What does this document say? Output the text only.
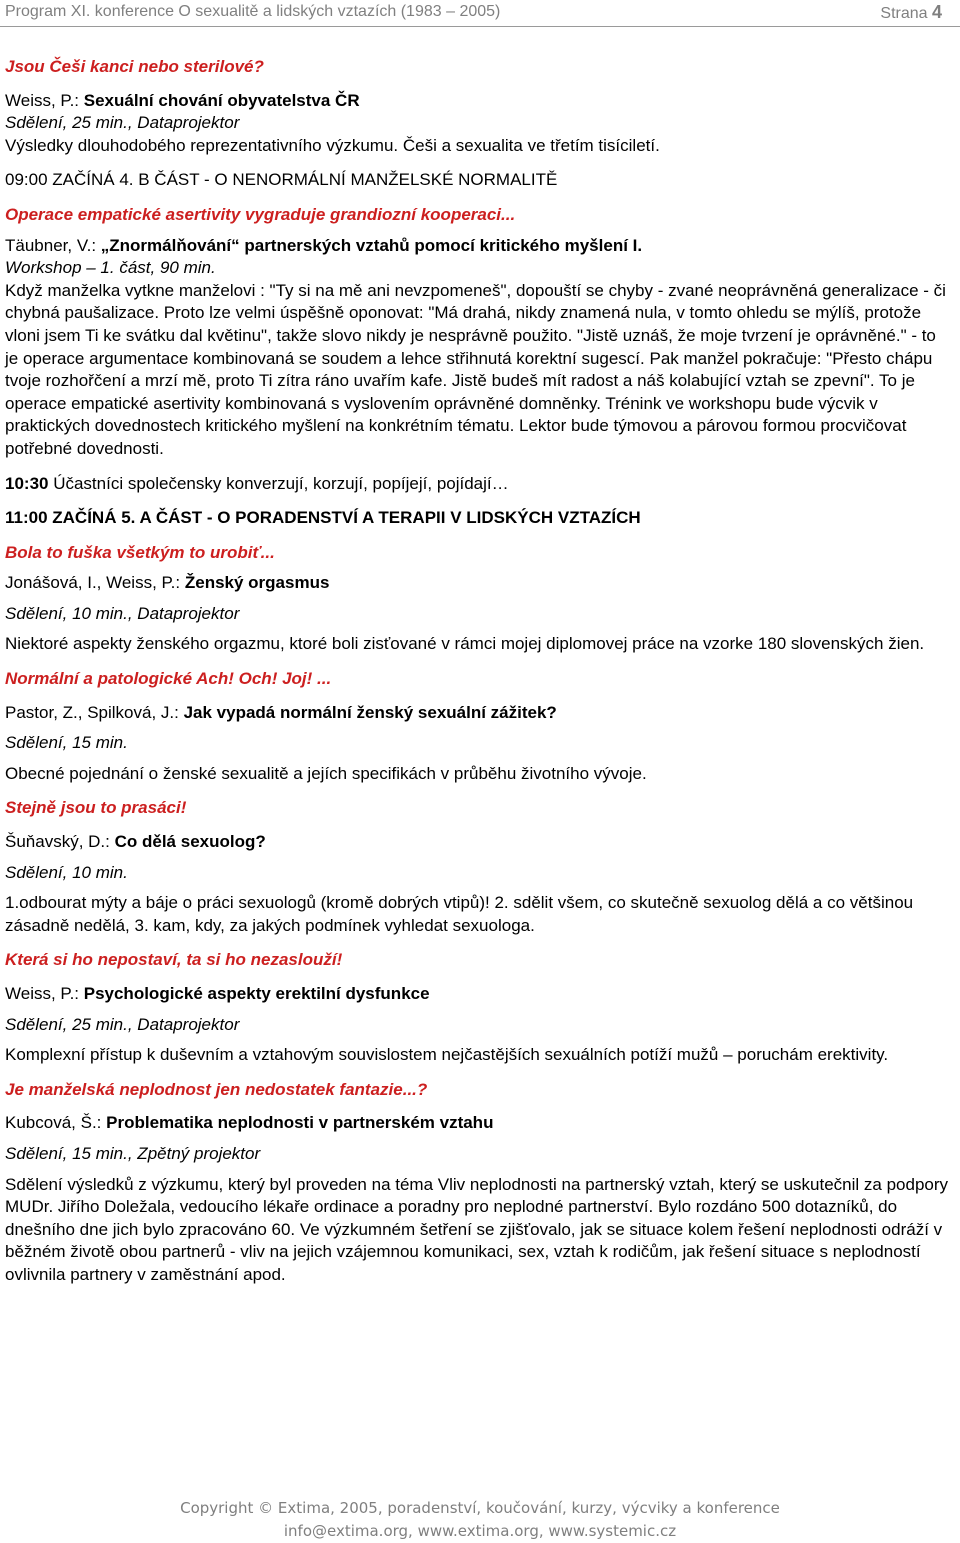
Program XI. konference O sexualitě a lidských vztazích (1983 – 2005)	Strana 4

Jsou Češi kanci nebo sterilové?

Weiss, P.: Sexuální chování obyvatelstva ČR

Sdělení, 25 min., Dataprojektor

Výsledky dlouhodobého reprezentativního výzkumu. Češi a sexualita ve třetím tisíciletí.

09:00 ZAČÍNÁ 4. B ČÁST - O NENORMÁLNÍ MANŽELSKÉ NORMALITĚ

Operace empatické asertivity vygraduje grandiozní kooperaci...

Täubner, V.: „Znormálňování“ partnerských vztahů pomocí kritického myšlení I.

Workshop – 1. část, 90 min.

Když manželka vytkne manželovi : "Ty si na mě ani nevzpomeneš", dopouští se chyby - zvané neoprávněná generalizace - či chybná paušalizace. Proto lze velmi úspěšně oponovat: "Má drahá, nikdy znamená nula, v tomto ohledu se mýlíš, protože vloni jsem Ti ke svátku dal květinu", takže slovo nikdy je nesprávně použito. "Jistě uznáš, že moje tvrzení je oprávněné." - to je operace argumentace kombinovaná se soudem a lehce střihnutá korektní sugescí. Pak manžel pokračuje: "Přesto chápu tvoje rozhořčení a mrzí mě, proto Ti zítra ráno uvařím kafe. Jistě budeš mít radost a náš kolabující vztah se zpevní". To je operace empatické asertivity kombinovaná s vyslovením oprávněné domněnky. Trénink ve workshopu bude výcvik v praktických dovednostech kritického myšlení na konkrétním tématu. Lektor bude týmovou a párovou formou procvičovat potřebné dovednosti.

10:30 Účastníci společensky konverzují, korzují, popíjejí, pojídají…

11:00 ZAČÍNÁ 5. A ČÁST - O PORADENSTVÍ A TERAPII V LIDSKÝCH VZTAZÍCH

Bola to fuška všetkým to urobiť...

Jonášová, I., Weiss, P.: Ženský orgasmus

Sdělení, 10 min., Dataprojektor

Niektoré aspekty ženského orgazmu, ktoré boli zisťované v rámci mojej diplomovej práce na vzorke 180 slovenských žien.

Normální a patologické Ach! Och! Joj! ...

Pastor, Z., Spilková, J.: Jak vypadá normální ženský sexuální zážitek?

Sdělení, 15 min.

Obecné pojednání o ženské sexualitě a jejích specifikách v průběhu životního vývoje.

Stejně jsou to prasáci!

Šuňavský, D.: Co dělá sexuolog?

Sdělení, 10 min.

1.odbourat mýty a báje o práci sexuologů (kromě dobrých vtipů)! 2. sdělit všem, co skutečně sexuolog dělá a co většinou zásadně nedělá, 3. kam, kdy, za jakých podmínek vyhledat sexuologa.

Která si ho nepostaví, ta si ho nezaslouží!

Weiss, P.: Psychologické aspekty erektilní dysfunkce

Sdělení, 25 min., Dataprojektor

Komplexní přístup k duševním a vztahovým souvislostem nejčastějších sexuálních potíží mužů – poruchám erektivity.

Je manželská neplodnost jen nedostatek fantazie...?

Kubcová, Š.: Problematika neplodnosti v partnerském vztahu

Sdělení, 15 min., Zpětný projektor

Sdělení výsledků z výzkumu, který byl proveden na téma Vliv neplodnosti na partnerský vztah, který se uskutečnil za podpory MUDr. Jiřího Doležala, vedoucího lékaře ordinace a poradny pro neplodné partnerství. Bylo rozdáno 500 dotazníků, do dnešního dne jich bylo zpracováno 60. Ve výzkumném šetření se zjišťovalo, jak se situace kolem řešení neplodnosti odráží v běžném životě obou partnerů - vliv na jejich vzájemnou komunikaci, sex, vztah k rodičům, jak řešení situace s neplodností ovlivnila partnery v zaměstnání apod.

Copyright © Extima, 2005, poradenství, koučování, kurzy, výcviky a konference
info@extima.org, www.extima.org, www.systemic.cz
